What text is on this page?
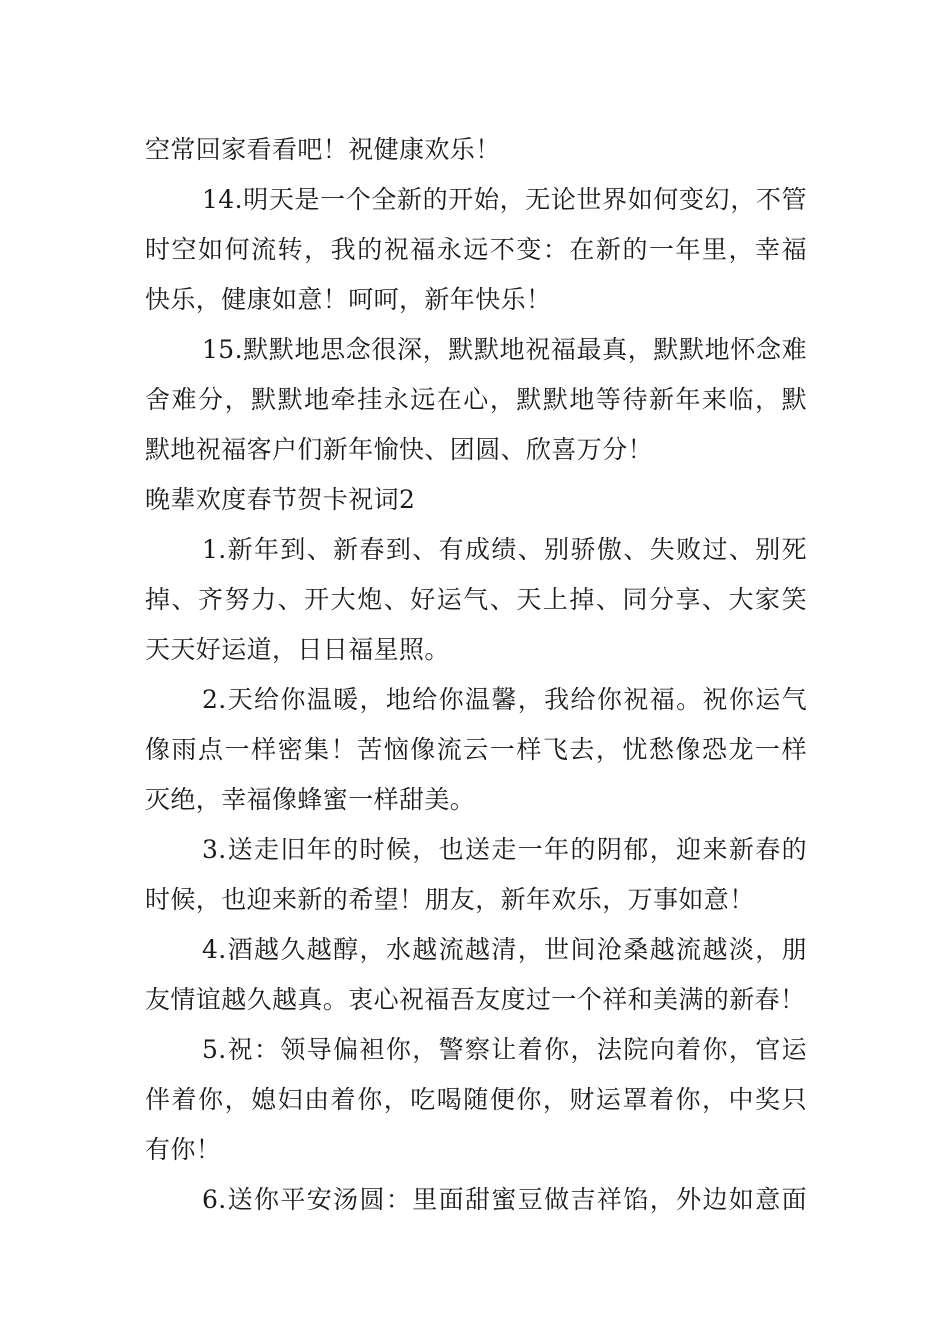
空常回家看看吧！祝健康欢乐！
14.明天是一个全新的开始，无论世界如何变幻，不管
时空如何流转，我的祝福永远不变：在新的一年里，幸福
快乐，健康如意！呵呵，新年快乐！
15.默默地思念很深，默默地祝福最真，默默地怀念难
舍难分，默默地牵挂永远在心，默默地等待新年来临，默
默地祝福客户们新年愉快、团圆、欣喜万分！
晚辈欢度春节贺卡祝词2
1.新年到、新春到、有成绩、别骄傲、失败过、别死
掉、齐努力、开大炮、好运气、天上掉、同分享、大家笑
天天好运道，日日福星照。
2.天给你温暖，地给你温馨，我给你祝福。祝你运气
像雨点一样密集！苦恼像流云一样飞去，忧愁像恐龙一样
灭绝，幸福像蜂蜜一样甜美。
3.送走旧年的时候，也送走一年的阴郁，迎来新春的
时候，也迎来新的希望！朋友，新年欢乐，万事如意！
4.酒越久越醇，水越流越清，世间沧桑越流越淡，朋
友情谊越久越真。衷心祝福吾友度过一个祥和美满的新春！
5.祝：领导偏袒你，警察让着你，法院向着你，官运
伴着你，媳妇由着你，吃喝随便你，财运罩着你，中奖只
有你！
6.送你平安汤圆：里面甜蜜豆做吉祥馅，外边如意面
